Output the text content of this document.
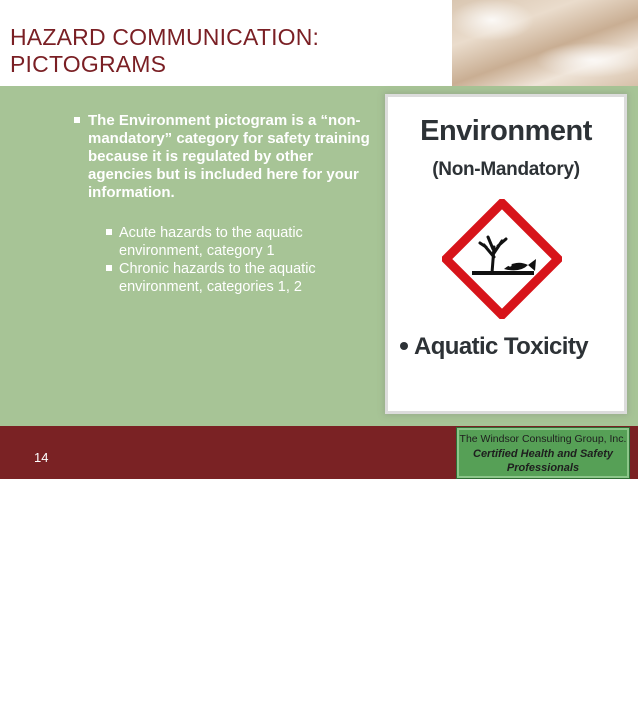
HAZARD COMMUNICATION:
PICTOGRAMS
The Environment pictogram is a “non-mandatory” category for safety training because it is regulated by other agencies but is included here for your information.
Acute hazards to the aquatic environment, category 1
Chronic hazards to the aquatic environment, categories 1, 2
Environment
(Non-Mandatory)
Aquatic Toxicity
14
The Windsor Consulting Group, Inc.
Certified Health and Safety
Professionals
